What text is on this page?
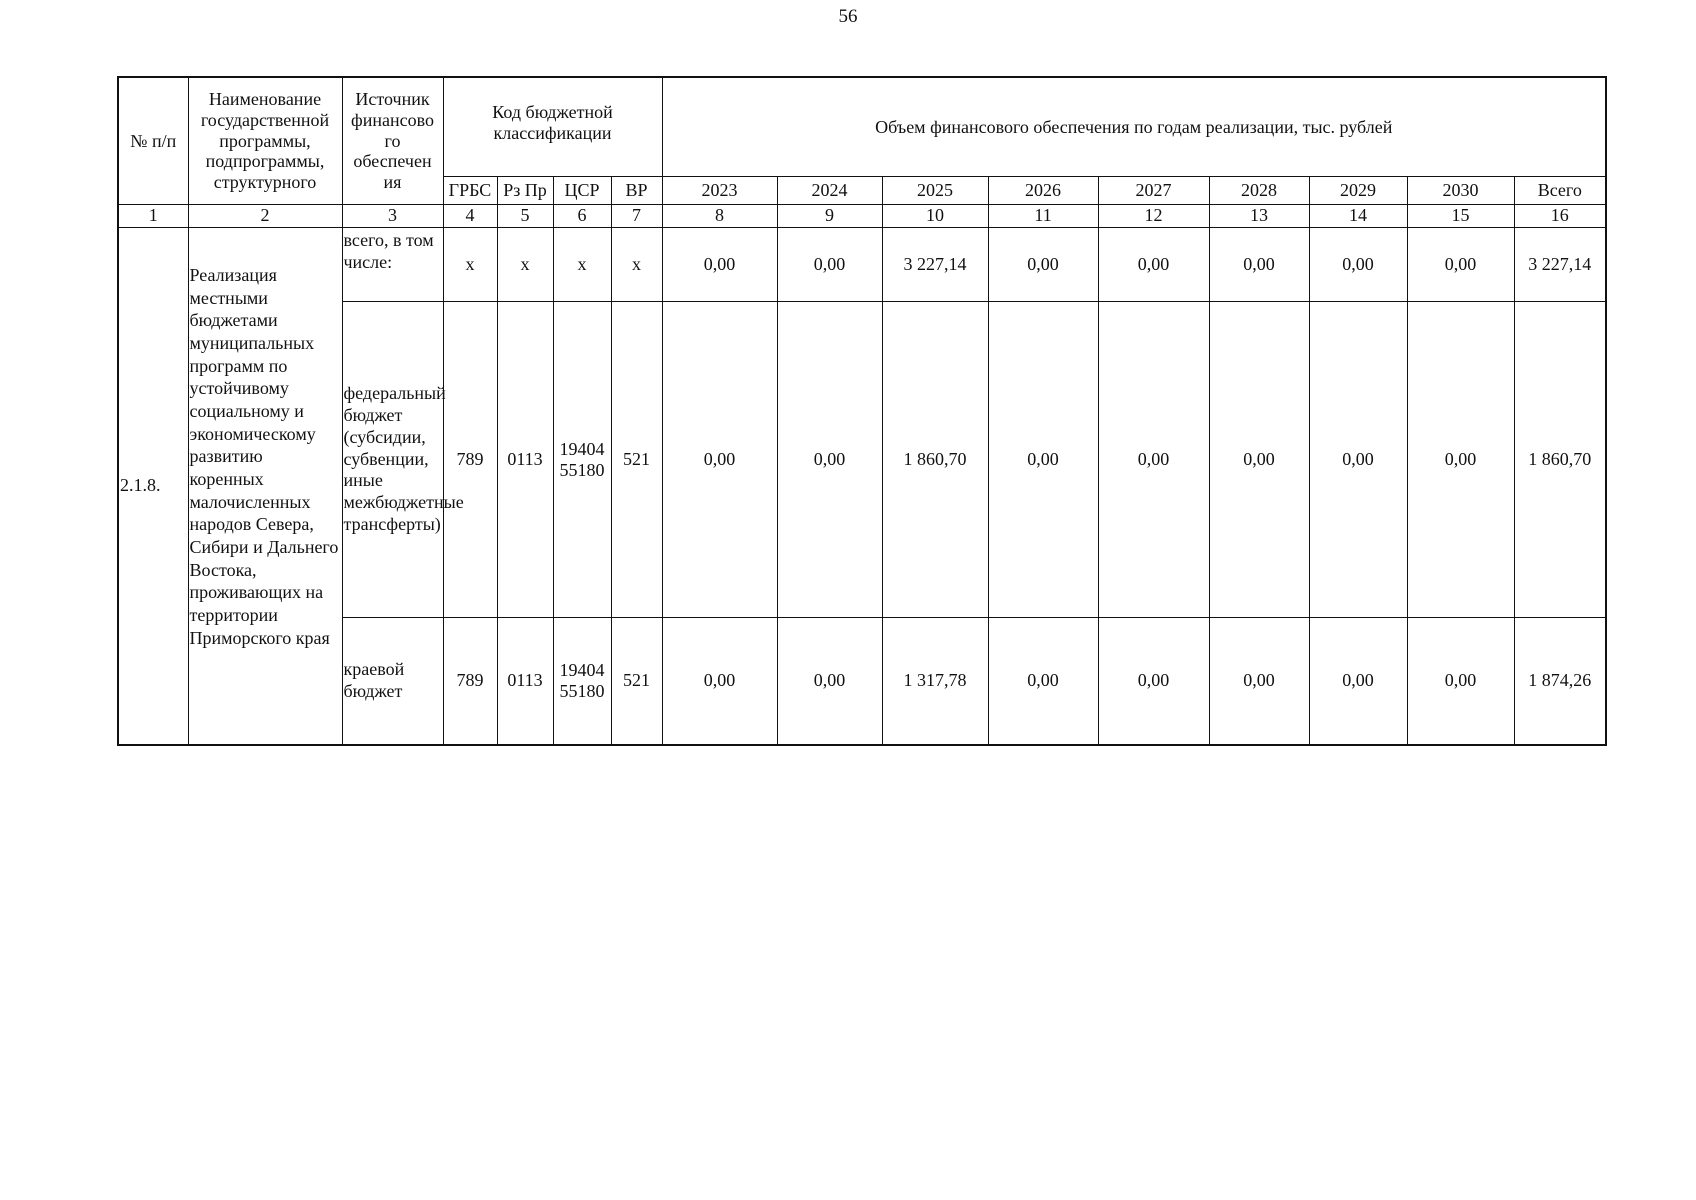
56
№ п/п	Наименование государственной программы, подпрограммы, структурного	Источник финансово го обеспечен ия	Код бюджетной классификации				Объем финансового обеспечения по годам реализации, тыс. рублей								
			ГРБС	Рз Пр	ЦСР	ВР	2023	2024	2025	2026	2027	2028	2029	2030	Всего
1	2	3	4	5	6	7	8	9	10	11	12	13	14	15	16
2.1.8.	Реализация местными бюджетами муниципальных программ по устойчивому социальному и экономическому развитию коренных малочисленных народов Севера, Сибири и Дальнего Востока, проживающих на территории Приморского края	всего, в том числе:	х	х	х	х	0,00	0,00	3 227,14	0,00	0,00	0,00	0,00	0,00	3 227,14
		федеральный бюджет (субсидии, субвенции, иные межбюджетные трансферты)	789	0113	19404 55180	521	0,00	0,00	1 860,70	0,00	0,00	0,00	0,00	0,00	1 860,70
		краевой бюджет	789	0113	19404 55180	521	0,00	0,00	1 317,78	0,00	0,00	0,00	0,00	0,00	1 874,26
